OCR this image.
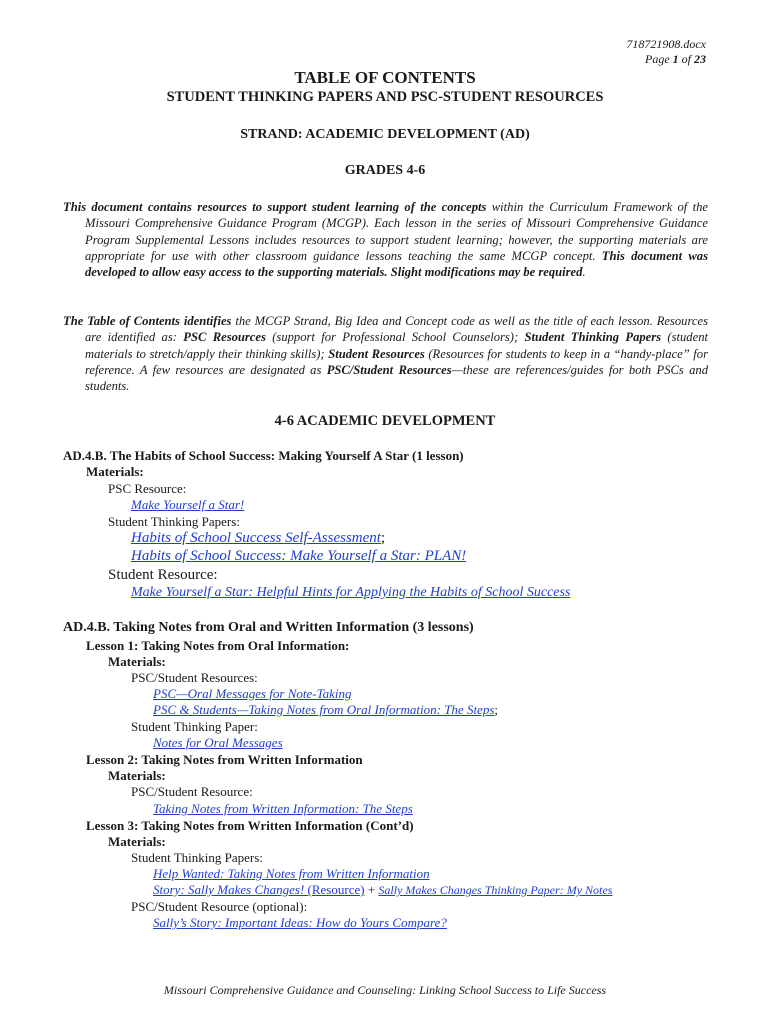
718721908.docx
Page 1 of 23
TABLE OF CONTENTS
STUDENT THINKING PAPERS AND PSC-STUDENT RESOURCES
STRAND: ACADEMIC DEVELOPMENT (AD)
GRADES 4-6
This document contains resources to support student learning of the concepts within the Curriculum Framework of the Missouri Comprehensive Guidance Program (MCGP). Each lesson in the series of Missouri Comprehensive Guidance Program Supplemental Lessons includes resources to support student learning; however, the supporting materials are appropriate for use with other classroom guidance lessons teaching the same MCGP concept. This document was developed to allow easy access to the supporting materials. Slight modifications may be required.
The Table of Contents identifies the MCGP Strand, Big Idea and Concept code as well as the title of each lesson. Resources are identified as: PSC Resources (support for Professional School Counselors); Student Thinking Papers (student materials to stretch/apply their thinking skills); Student Resources (Resources for students to keep in a “handy-place” for reference. A few resources are designated as PSC/Student Resources—these are references/guides for both PSCs and students.
4-6 ACADEMIC DEVELOPMENT
AD.4.B. The Habits of School Success: Making Yourself A Star (1 lesson)
Materials:
PSC Resource:
Make Yourself a Star!
Student Thinking Papers:
Habits of School Success Self-Assessment;
Habits of School Success: Make Yourself a Star: PLAN!
Student Resource:
Make Yourself a Star: Helpful Hints for Applying the Habits of School Success
AD.4.B. Taking Notes from Oral and Written Information (3 lessons)
Lesson 1: Taking Notes from Oral Information:
Materials:
PSC/Student Resources:
PSC—Oral Messages for Note-Taking
PSC & Students—Taking Notes from Oral Information: The Steps;
Student Thinking Paper:
Notes for Oral Messages
Lesson 2: Taking Notes from Written Information
Materials:
PSC/Student Resource:
Taking Notes from Written Information: The Steps
Lesson 3: Taking Notes from Written Information (Cont’d)
Materials:
Student Thinking Papers:
Help Wanted: Taking Notes from Written Information
Story: Sally Makes Changes! (Resource) + Sally Makes Changes Thinking Paper: My Notes
PSC/Student Resource (optional):
Sally’s Story: Important Ideas: How do Yours Compare?
Missouri Comprehensive Guidance and Counseling: Linking School Success to Life Success
